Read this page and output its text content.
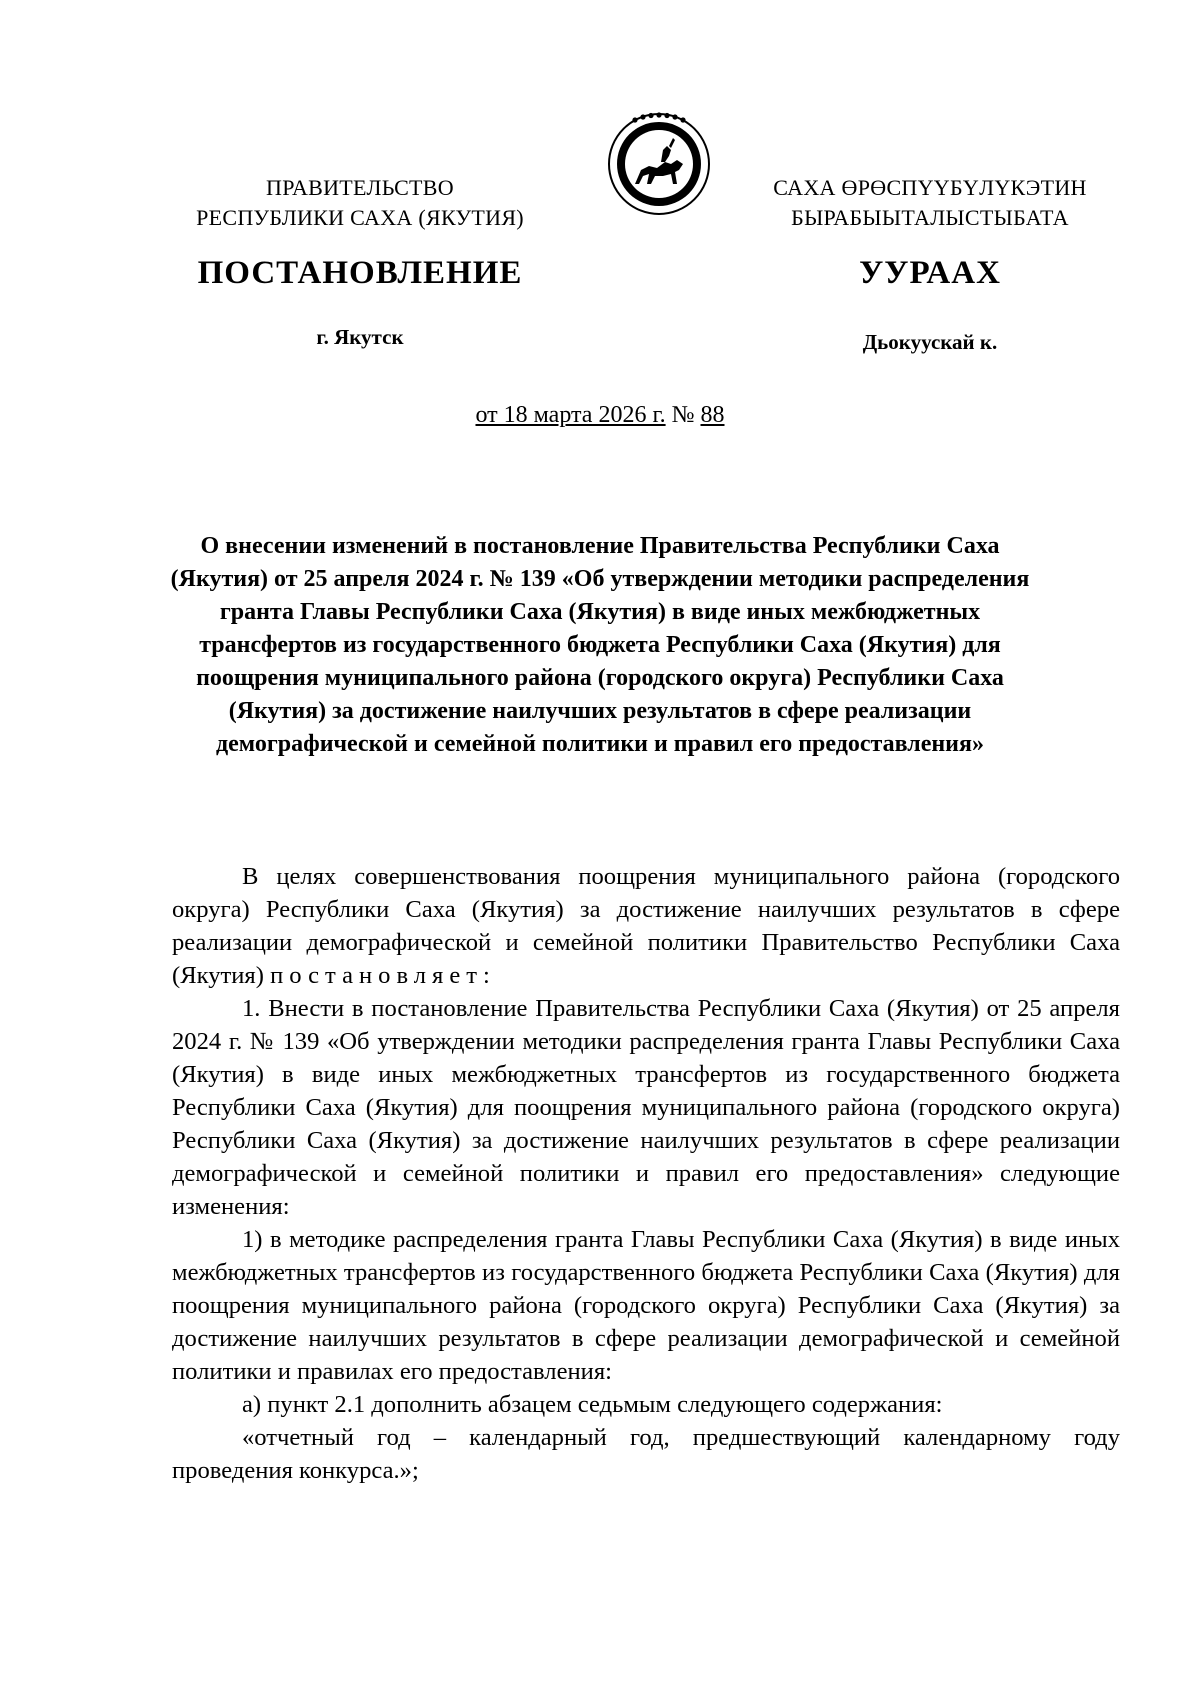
ПРАВИТЕЛЬСТВО
РЕСПУБЛИКИ САХА (ЯКУТИЯ)
САХА ӨРӨСПYYБYЛYКЭТИН
БЫРАБЫЫТАЛЫСТЫБАТА
ПОСТАНОВЛЕНИЕ	УУРААХ
г. Якутск	Дьокуускай к.
от 18 марта 2026 г. № 88
О внесении изменений в постановление Правительства Республики Саха (Якутия) от 25 апреля 2024 г. № 139 «Об утверждении методики распределения гранта Главы Республики Саха (Якутия) в виде иных межбюджетных трансфертов из государственного бюджета Республики Саха (Якутия) для поощрения муниципального района (городского округа) Республики Саха (Якутия) за достижение наилучших результатов в сфере реализации демографической и семейной политики и правил его предоставления»

В целях совершенствования поощрения муниципального района (городского округа) Республики Саха (Якутия) за достижение наилучших результатов в сфере реализации демографической и семейной политики Правительство Республики Саха (Якутия) постановляет:

1. Внести в постановление Правительства Республики Саха (Якутия) от 25 апреля 2024 г. № 139 «Об утверждении методики распределения гранта Главы Республики Саха (Якутия) в виде иных межбюджетных трансфертов из государственного бюджета Республики Саха (Якутия) для поощрения муниципального района (городского округа) Республики Саха (Якутия) за достижение наилучших результатов в сфере реализации демографической и семейной политики и правил его предоставления» следующие изменения:

1) в методике распределения гранта Главы Республики Саха (Якутия) в виде иных межбюджетных трансфертов из государственного бюджета Республики Саха (Якутия) для поощрения муниципального района (городского округа) Республики Саха (Якутия) за достижение наилучших результатов в сфере реализации демографической и семейной политики и правилах его предоставления:

а) пункт 2.1 дополнить абзацем седьмым следующего содержания:

«отчетный год – календарный год, предшествующий календарному году проведения конкурса.»;
